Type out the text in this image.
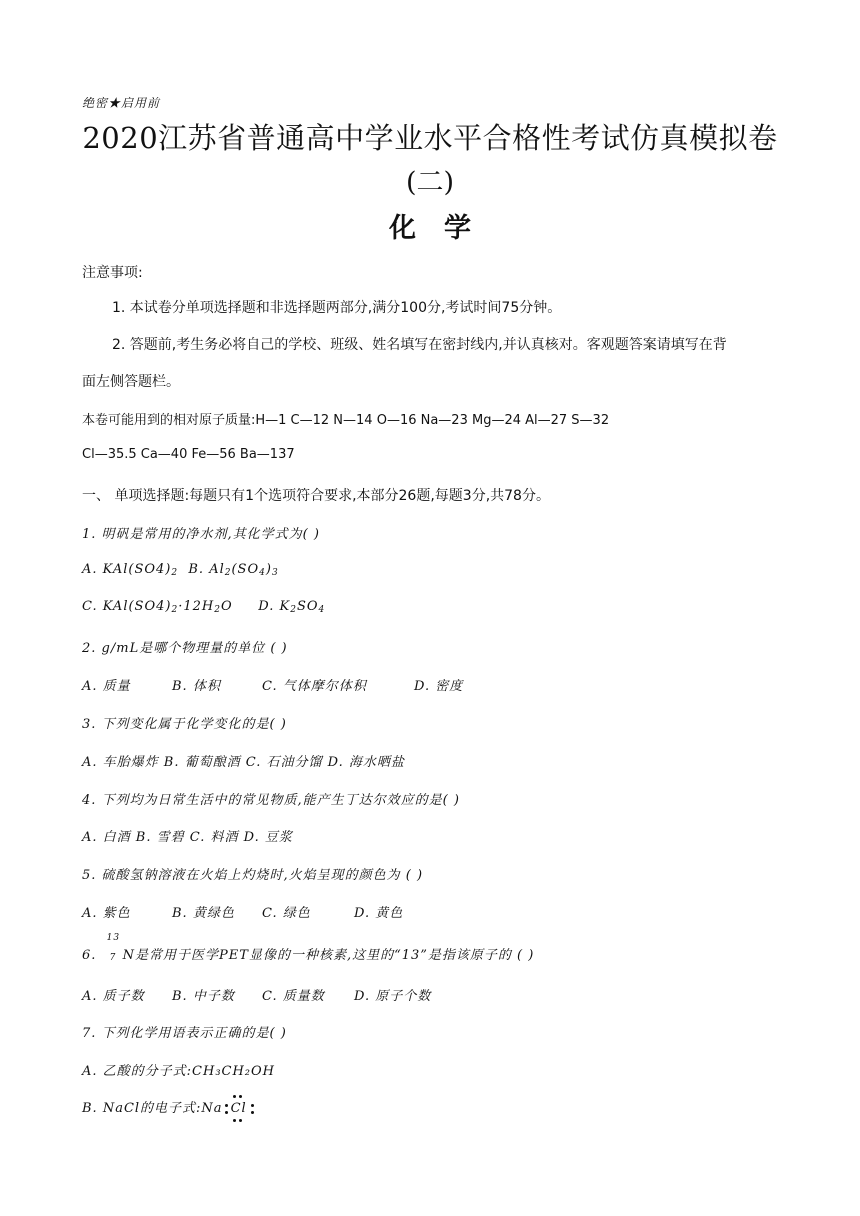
绝密★启用前
2020江苏省普通高中学业水平合格性考试仿真模拟卷
(二)
化学
注意事项:
1. 本试卷分单项选择题和非选择题两部分,满分100分,考试时间75分钟。
2. 答题前,考生务必将自己的学校、班级、姓名填写在密封线内,并认真核对。客观题答案请填写在背
面左侧答题栏。
本卷可能用到的相对原子质量:H—1 C—12 N—14 O—16 Na—23 Mg—24 Al—27 S—32
Cl—35.5 Ca—40 Fe—56 Ba—137
一、 单项选择题:每题只有1个选项符合要求,本部分26题,每题3分,共78分。
1. 明矾是常用的净水剂,其化学式为( )
A. $KAl(SO4)_2$ B. $Al_2(SO_4)_3$
C. $KAl(SO4)_2\cdot 12H_2O$ D. $K_2SO_4$
2. g/mL是哪个物理量的单位 ( )
A. 质量	B. 体积	C. 气体摩尔体积	D. 密度
3. 下列变化属于化学变化的是( )
A. 车胎爆炸 B. 葡萄酿酒 C. 石油分馏 D. 海水晒盐
4. 下列均为日常生活中的常见物质,能产生丁达尔效应的是( )
A. 白酒 B. 雪碧 C. 料酒 D. 豆浆
5. 硫酸氢钠溶液在火焰上灼烧时,火焰呈现的颜色为 ( )
A. 紫色	B. 黄绿色 C. 绿色	D. 黄色
6.
13
7 N是常用于医学PET显像的一种核素,这里的“13”是指该原子的 ( )
A. 质子数 B. 中子数 C. 质量数 D. 原子个数
7. 下列化学用语表示正确的是( )
A. 乙酸的分子式:CH₃CH₂OH
B. NaCl的电子式:Na Cl
